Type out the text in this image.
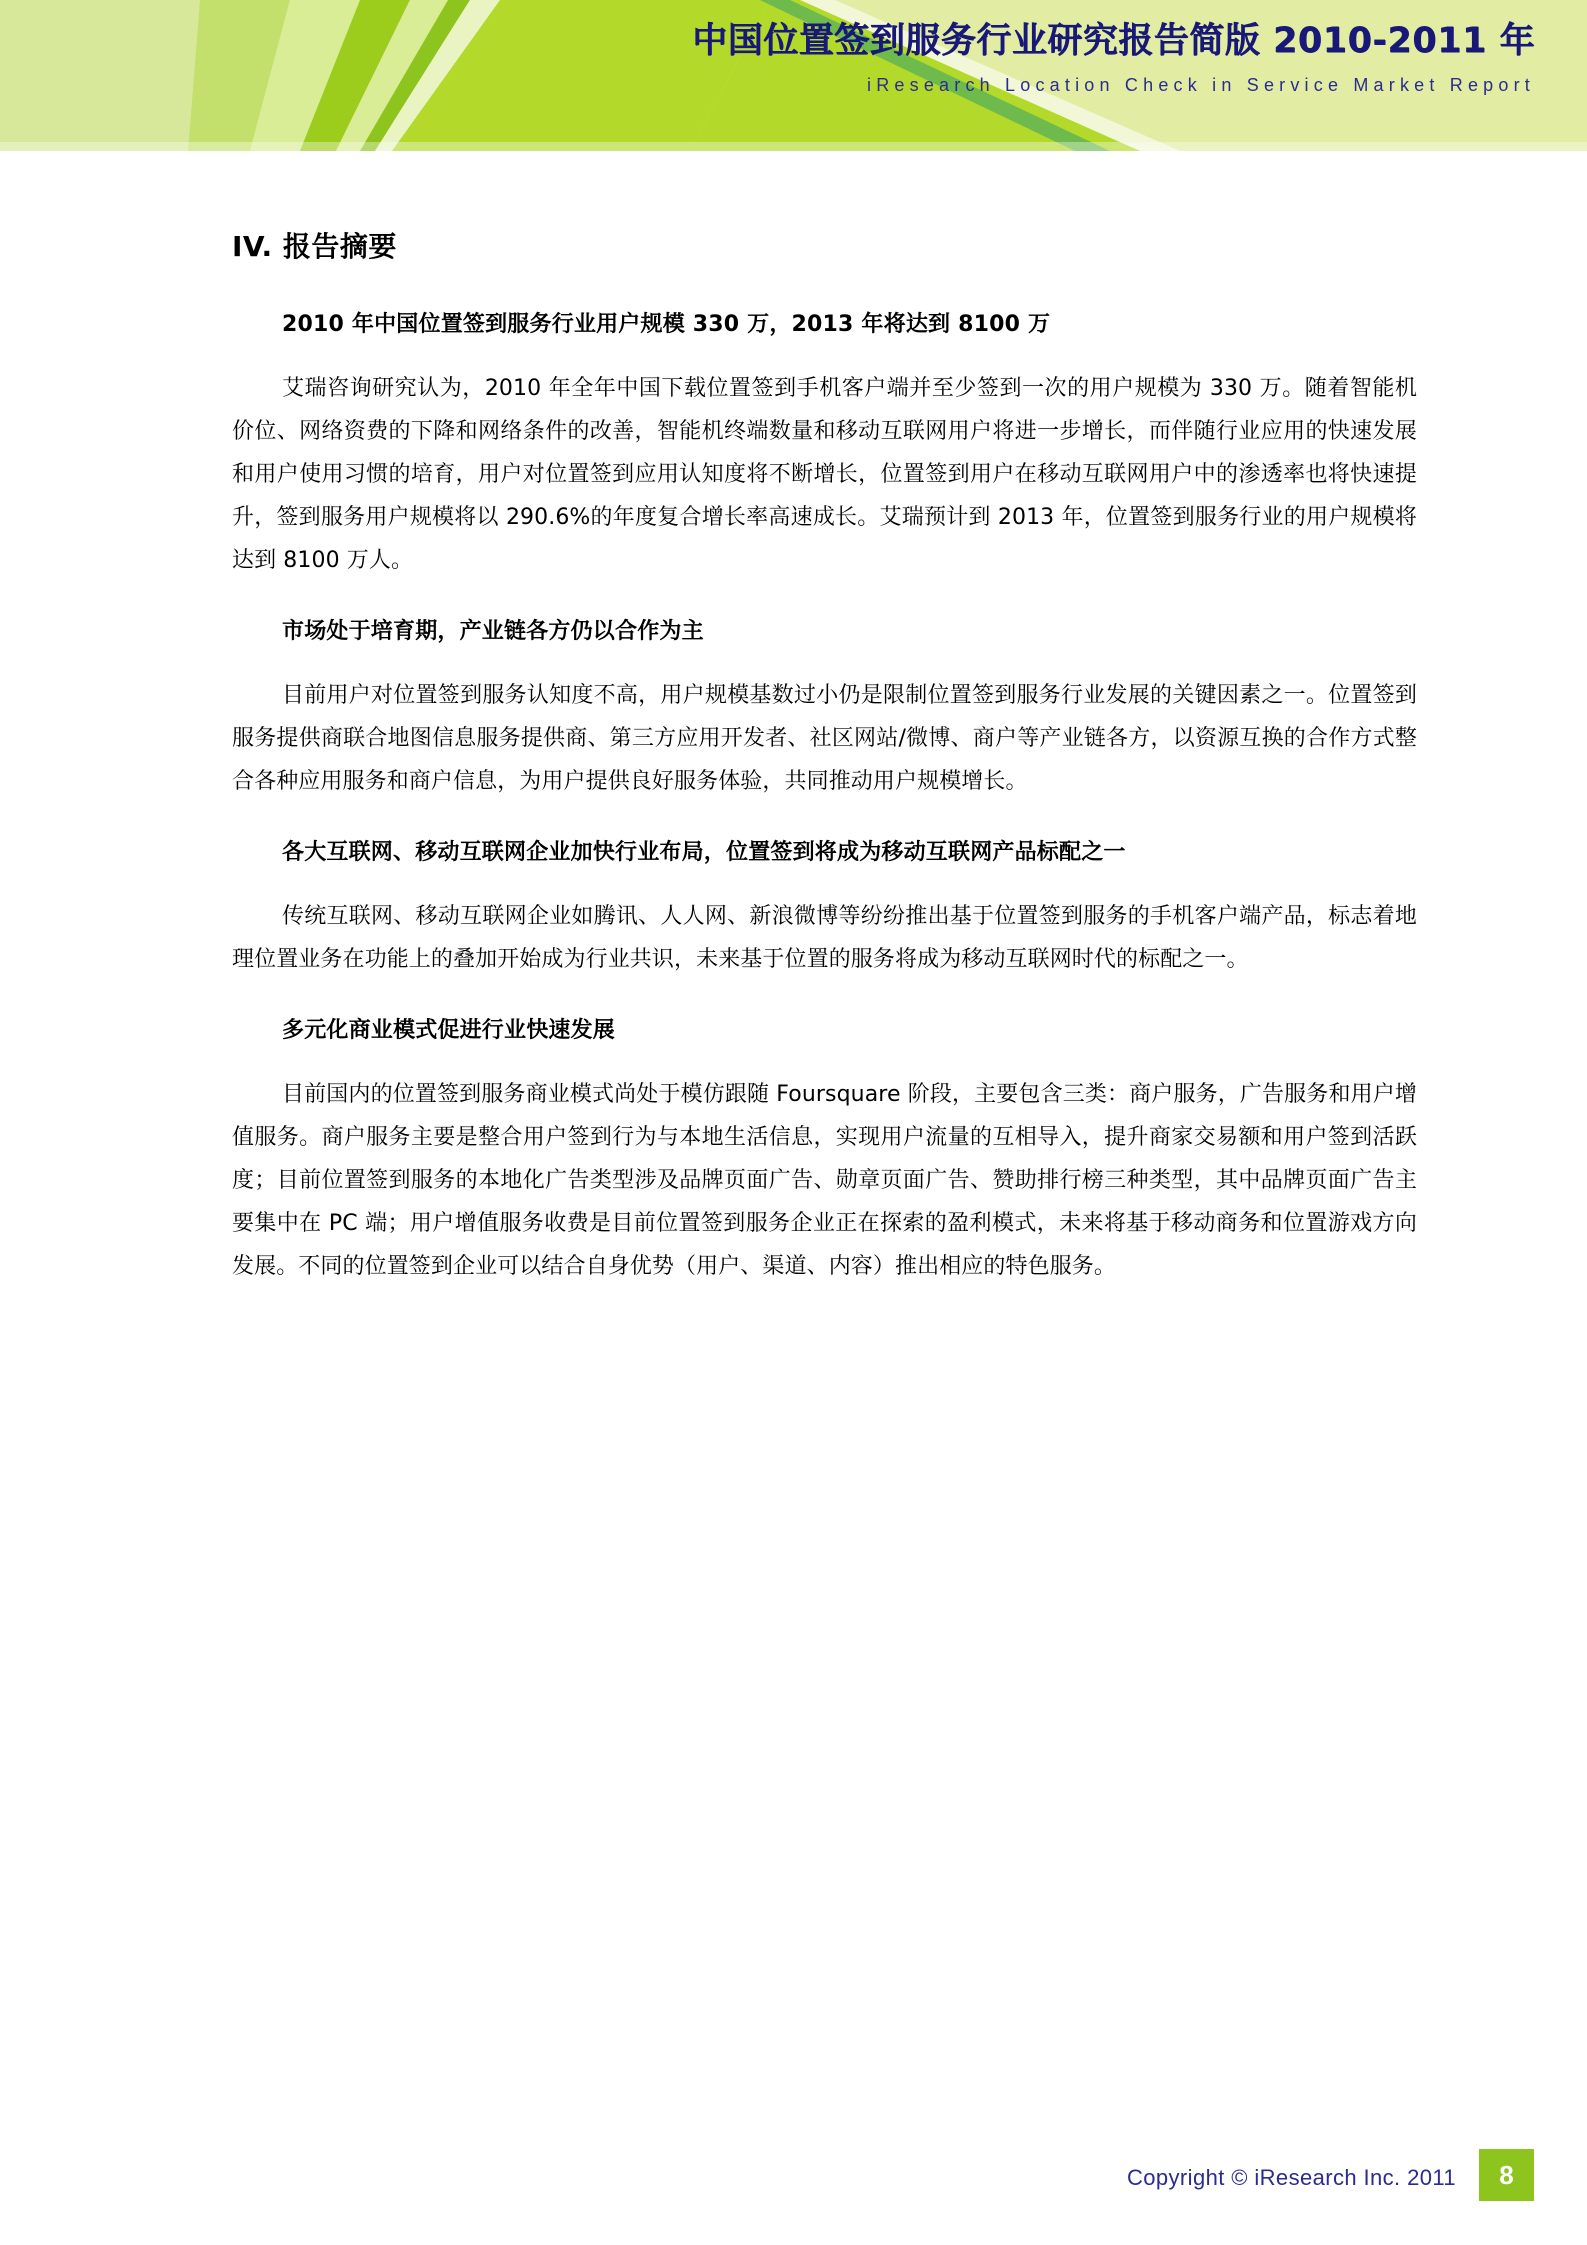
中国位置签到服务行业研究报告简版 2010-2011 年
iResearch Location Check in Service Market Report
IV. 报告摘要
2010 年中国位置签到服务行业用户规模 330 万，2013 年将达到 8100 万

艾瑞咨询研究认为，2010 年全年中国下载位置签到手机客户端并至少签到一次的用户规模为 330 万。随着智能机价位、网络资费的下降和网络条件的改善，智能机终端数量和移动互联网用户将进一步增长，而伴随行业应用的快速发展和用户使用习惯的培育，用户对位置签到应用认知度将不断增长，位置签到用户在移动互联网用户中的渗透率也将快速提升，签到服务用户规模将以 290.6%的年度复合增长率高速成长。艾瑞预计到 2013 年，位置签到服务行业的用户规模将达到 8100 万人。

市场处于培育期，产业链各方仍以合作为主

目前用户对位置签到服务认知度不高，用户规模基数过小仍是限制位置签到服务行业发展的关键因素之一。位置签到服务提供商联合地图信息服务提供商、第三方应用开发者、社区网站/微博、商户等产业链各方，以资源互换的合作方式整合各种应用服务和商户信息，为用户提供良好服务体验，共同推动用户规模增长。

各大互联网、移动互联网企业加快行业布局，位置签到将成为移动互联网产品标配之一

传统互联网、移动互联网企业如腾讯、人人网、新浪微博等纷纷推出基于位置签到服务的手机客户端产品，标志着地理位置业务在功能上的叠加开始成为行业共识，未来基于位置的服务将成为移动互联网时代的标配之一。

多元化商业模式促进行业快速发展

目前国内的位置签到服务商业模式尚处于模仿跟随 Foursquare 阶段，主要包含三类：商户服务，广告服务和用户增值服务。商户服务主要是整合用户签到行为与本地生活信息，实现用户流量的互相导入，提升商家交易额和用户签到活跃度；目前位置签到服务的本地化广告类型涉及品牌页面广告、勋章页面广告、赞助排行榜三种类型，其中品牌页面广告主要集中在 PC 端；用户增值服务收费是目前位置签到服务企业正在探索的盈利模式，未来将基于移动商务和位置游戏方向发展。不同的位置签到企业可以结合自身优势（用户、渠道、内容）推出相应的特色服务。

Copyright © iResearch Inc. 2011 8
